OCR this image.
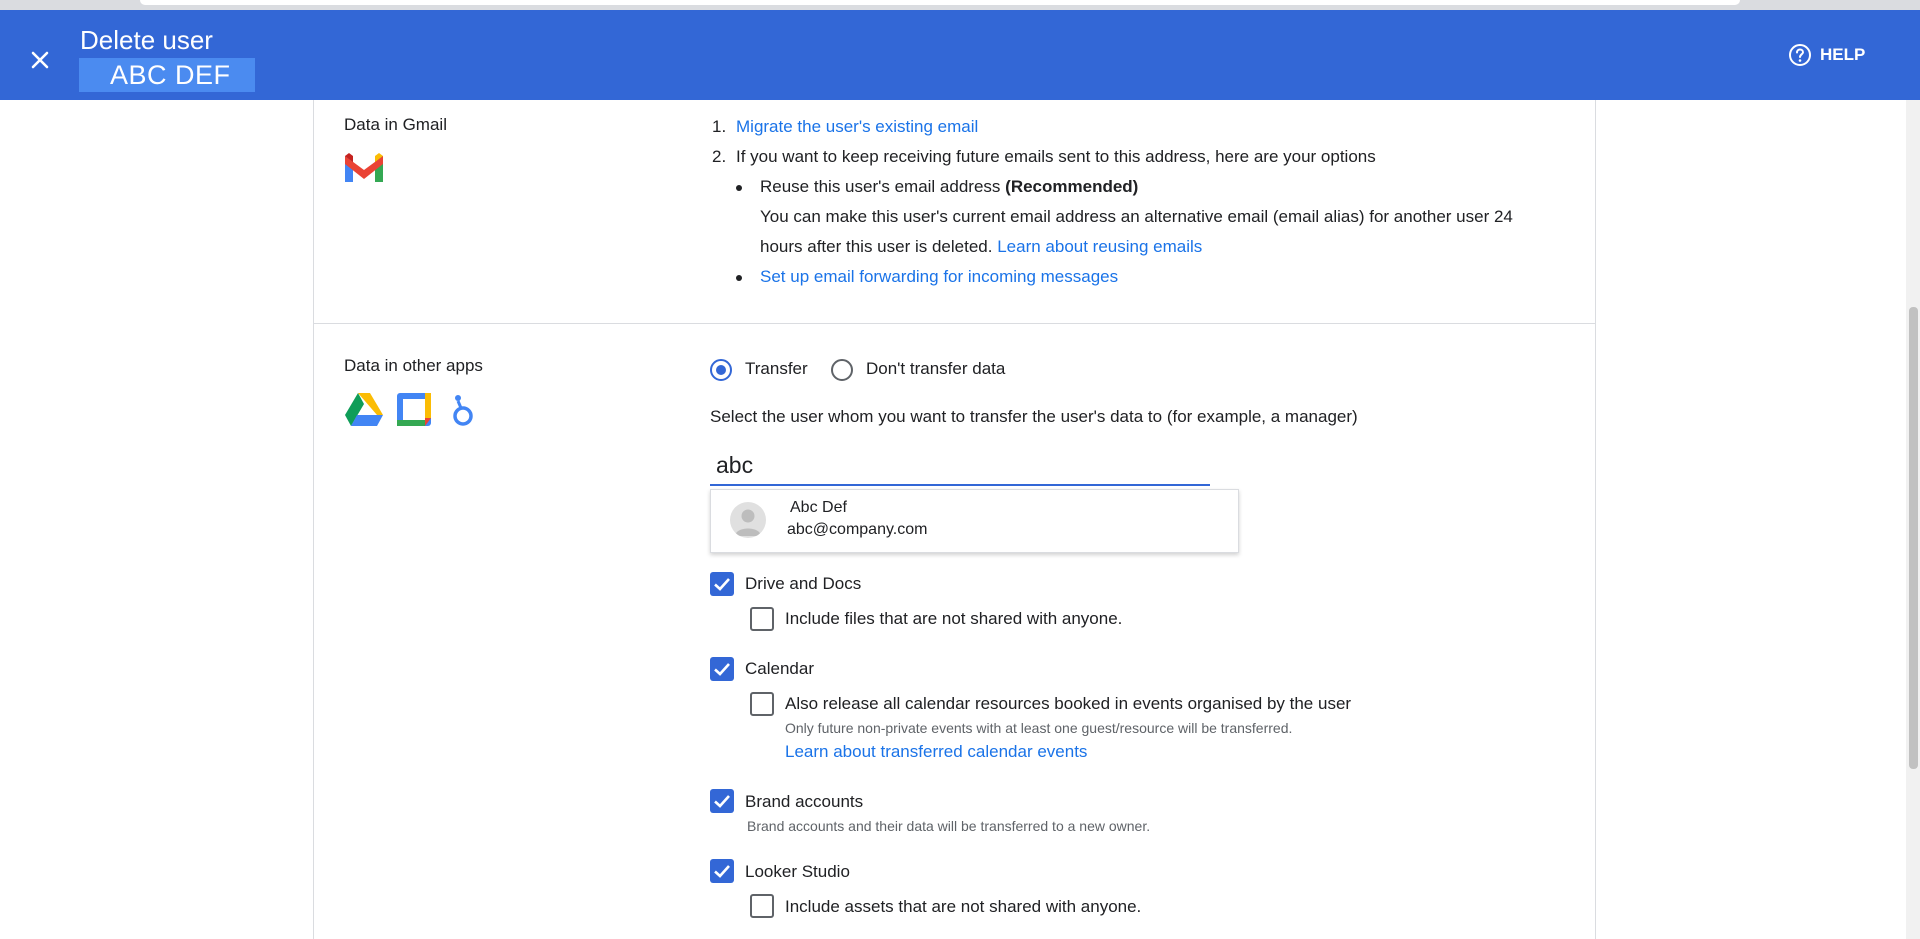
Delete user
ABC DEF
HELP
Data in Gmail	1. Migrate the user's existing email
2. If you want to keep receiving future emails sent to this address, here are your options
Reuse this user's email address (Recommended)
You can make this user's current email address an alternative email (email alias) for another user 24
hours after this user is deleted. Learn about reusing emails
Set up email forwarding for incoming messages
Data in other apps	Transfer	Don't transfer data
Select the user whom you want to transfer the user's data to (for example, a manager)
abc
Abc Def
abc@company.com
Drive and Docs
Include files that are not shared with anyone.
Calendar
Also release all calendar resources booked in events organised by the user
Only future non-private events with at least one guest/resource will be transferred.
Learn about transferred calendar events
Brand accounts
Brand accounts and their data will be transferred to a new owner.
Looker Studio
Include assets that are not shared with anyone.
